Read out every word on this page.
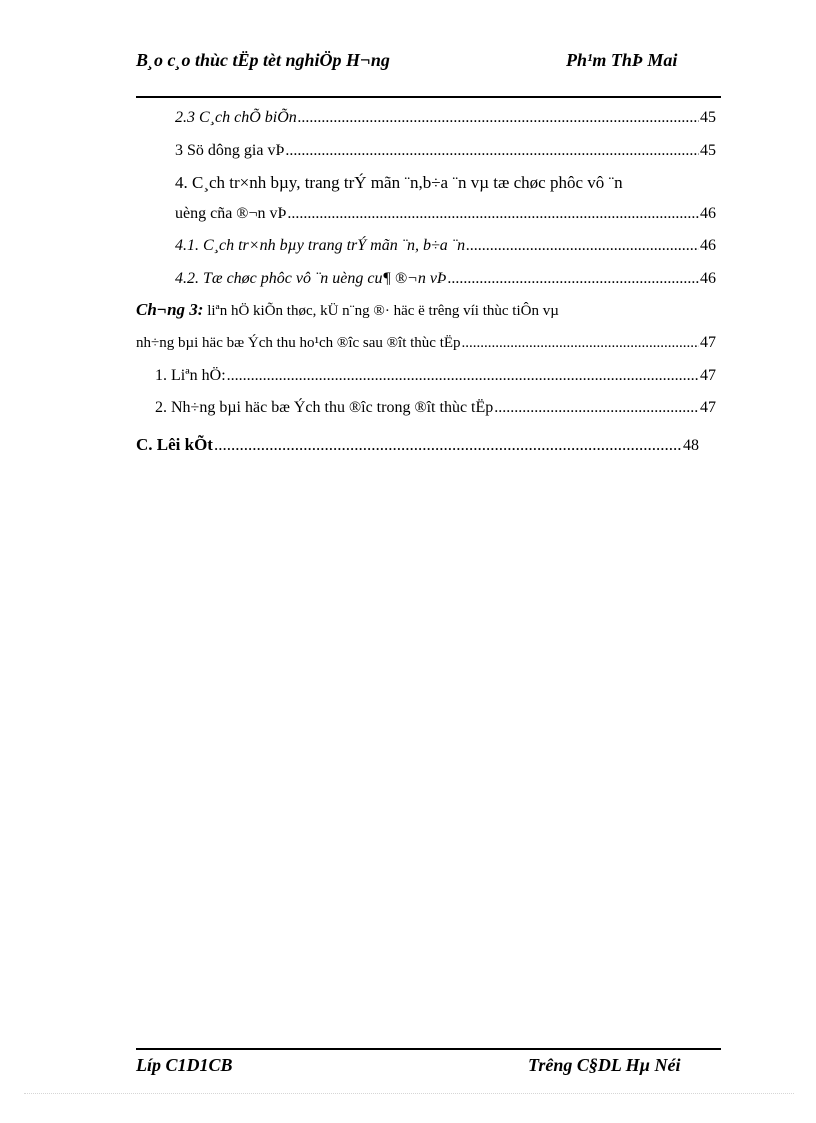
B¸o c¸o thùc tËp tèt nghiÖp H¬ng	Ph¹m ThÞ Mai
2.3 C¸ch chÕ biÕn .....	45
3 Sö dông gia vÞ .....	45
4. C¸ch tr×nh bµy, trang trÝ mãn ¨n,b÷a ¨n vµ tæ chøc phôc vô ¨n
uèng cña ®¬n vÞ .....	46
4.1. C¸ch tr×nh bµy trang trÝ mãn ¨n, b÷a ¨n .....	46
4.2. Tæ chøc phôc vô ¨n uèng cu¶ ®¬n vÞ .....	46
Ch¬ng 3: liªn hÖ kiÕn thøc, kÜ n¨ng ®· häc ë trêng víi thùc tiÔn vµ
nh÷ng bµi häc bæ Ých thu ho¹ch ®îc sau ®ît thùc tËp .....	47
1. Liªn hÖ: .....	47
2. Nh÷ng bµi häc bæ Ých thu ®îc trong ®ît thùc tËp .....	47
C. Lêi kÕt .....	48
Líp C1D1CB	Trêng C§DL Hµ Néi
